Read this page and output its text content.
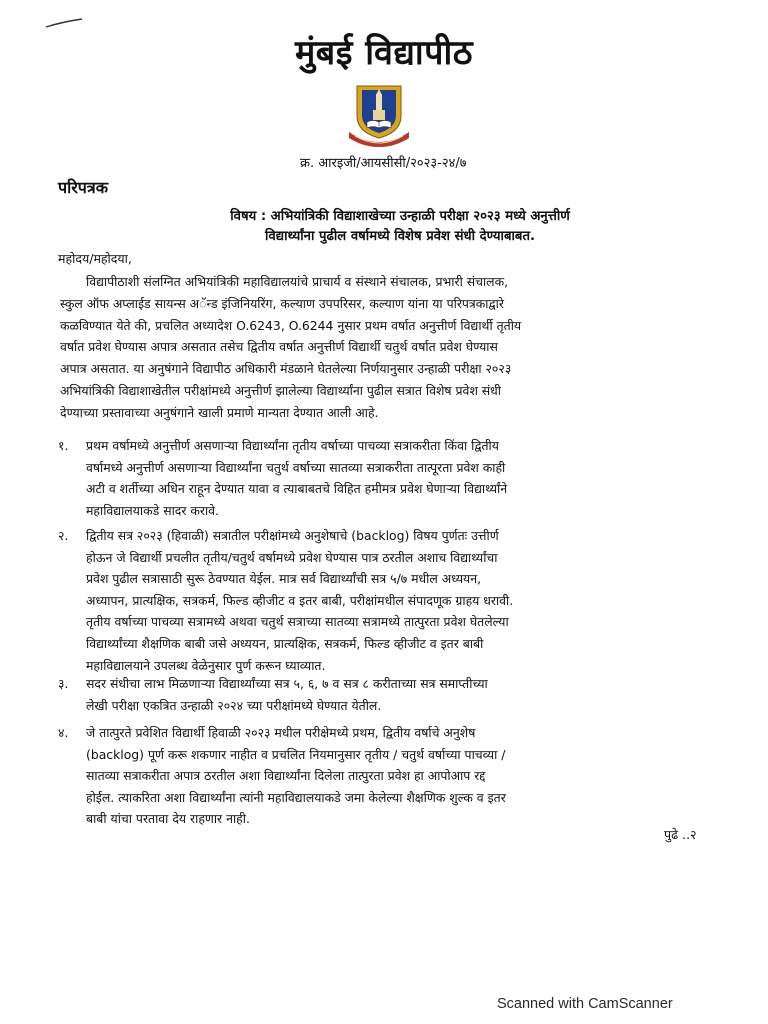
मुंबई विद्यापीठ
क्र. आरइजी/आयसीसी/२०२३-२४/७
परिपत्रक
विषय : अभियांत्रिकी विद्याशाखेच्या उन्हाळी परीक्षा २०२३ मध्ये अनुत्तीर्ण
विद्यार्थ्यांना पुढील वर्षामध्ये विशेष प्रवेश संधी देण्याबाबत.
महोदय/महोदया,
विद्यापीठाशी संलग्नित अभियांत्रिकी महाविद्यालयांचे प्राचार्य व संस्थाने संचालक, प्रभारी संचालक,
स्कुल ऑफ अप्लाईड सायन्स अॅन्ड इंजिनियरिंग, कल्याण उपपरिसर, कल्याण यांना या परिपत्रकाद्वारे
कळविण्यात येते की, प्रचलित अध्यादेश O.6243, O.6244 नुसार प्रथम वर्षात अनुत्तीर्ण विद्यार्थी तृतीय
वर्षात प्रवेश घेण्यास अपात्र असतात तसेच द्वितीय वर्षात अनुत्तीर्ण विद्यार्थी चतुर्थ वर्षात प्रवेश घेण्यास
अपात्र असतात. या अनुषंगाने विद्यापीठ अधिकारी मंडळाने घेतलेल्या निर्णयानुसार उन्हाळी परीक्षा २०२३
अभियांत्रिकी विद्याशाखेतील परीक्षांमध्ये अनुत्तीर्ण झालेल्या विद्यार्थ्यांना पुढील सत्रात विशेष प्रवेश संधी
देण्याच्या प्रस्तावाच्या अनुषंगाने खाली प्रमाणे मान्यता देण्यात आली आहे.
१.	प्रथम वर्षामध्ये अनुत्तीर्ण असणाऱ्या विद्यार्थ्यांना तृतीय वर्षाच्या पाचव्या सत्राकरीता किंवा द्वितीय
वर्षामध्ये अनुत्तीर्ण असणाऱ्या विद्यार्थ्यांना चतुर्थ वर्षाच्या सातव्या सत्राकरीता तात्पूरता प्रवेश काही
अटी व शर्तीच्या अधिन राहून देण्यात यावा व त्याबाबतचे विहित हमीमत्र प्रवेश घेणाऱ्या विद्यार्थ्यांने
महाविद्यालयाकडे सादर करावे.
२.	द्वितीय सत्र २०२३ (हिवाळी) सत्रातील परीक्षांमध्ये अनुशेषाचे (backlog) विषय पुर्णतः उत्तीर्ण
होऊन जे विद्यार्थी प्रचलीत तृतीय/चतुर्थ वर्षामध्ये प्रवेश घेण्यास पात्र ठरतील अशाच विद्यार्थ्यांचा
प्रवेश पुढील सत्रासाठी सुरू ठेवण्यात येईल. मात्र सर्व विद्यार्थ्यांची सत्र ५/७ मधील अध्ययन,
अध्यापन, प्रात्यक्षिक, सत्रकर्म, फिल्ड व्हीजीट व इतर बाबी, परीक्षांमधील संपादणूक ग्राहय धरावी.
तृतीय वर्षाच्या पाचव्या सत्रामध्ये अथवा चतुर्थ सत्राच्या सातव्या सत्रामध्ये तात्पुरता प्रवेश घेतलेल्या
विद्यार्थ्यांच्या शैक्षणिक बाबी जसे अध्ययन, प्रात्यक्षिक, सत्रकर्म, फिल्ड व्हीजीट व इतर बाबी
महाविद्यालयाने उपलब्ध वेळेनुसार पुर्ण करून घ्याव्यात.
३.	सदर संधीचा लाभ मिळणाऱ्या विद्यार्थ्यांच्या सत्र ५, ६, ७ व सत्र ८ करीताच्या सत्र समाप्तीच्या
लेखी परीक्षा एकत्रित उन्हाळी २०२४ च्या परीक्षांमध्ये घेण्यात येतील.
४.	जे तात्पुरते प्रवेशित विद्यार्थी हिवाळी २०२३ मधील परीक्षेमध्ये प्रथम, द्वितीय वर्षाचे अनुशेष
(backlog) पूर्ण करू शकणार नाहीत व प्रचलित नियमानुसार तृतीय / चतुर्थ वर्षाच्या पाचव्या /
सातव्या सत्राकरीता अपात्र ठरतील अशा विद्यार्थ्यांना दिलेला तात्पुरता प्रवेश हा आपोआप रद्द
होईल. त्याकरिता अशा विद्यार्थ्यांना त्यांनी महाविद्यालयाकडे जमा केलेल्या शैक्षणिक शुल्क व इतर
बाबी यांचा परतावा देय राहणार नाही.
पुढे ..२
Scanned with CamScanner
